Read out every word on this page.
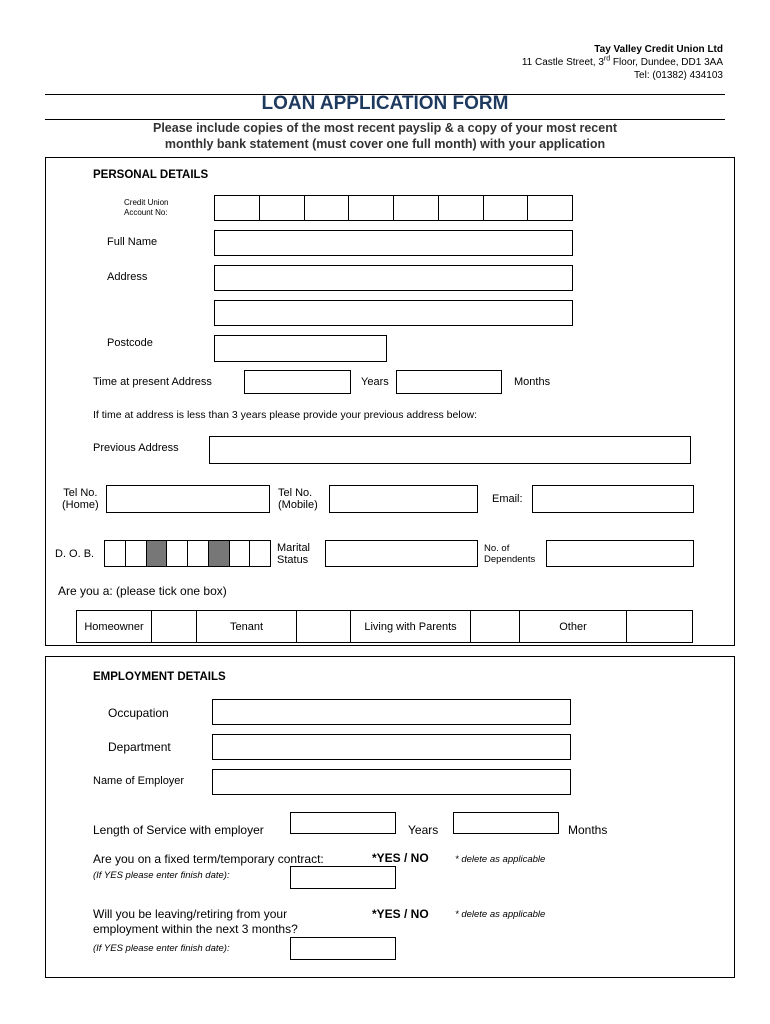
Tay Valley Credit Union Ltd
11 Castle Street, 3rd Floor, Dundee, DD1 3AA
Tel: (01382) 434103
LOAN APPLICATION FORM
Please include copies of the most recent payslip & a copy of your most recent
monthly bank statement (must cover one full month) with your application
PERSONAL DETAILS
Credit Union
Account No:
Full Name
Address
Postcode
Time at present Address	Years	Months
If time at address is less than 3 years please provide your previous address below:
Previous Address
Tel No.
(Home)
Tel No.
(Mobile)	Email:
D. O. B.	Marital
Status
No. of
Dependents
Are you a: (please tick one box)
Homeowner	Tenant	Living with Parents	Other
EMPLOYMENT DETAILS
Occupation
Department
Name of Employer
Length of Service with employer	Years	Months
Are you on a fixed term/temporary contract:	*YES / NO	* delete as applicable
(If YES please enter finish date):
Will you be leaving/retiring from your
employment within the next 3 months?
*YES / NO	* delete as applicable
(If YES please enter finish date):
